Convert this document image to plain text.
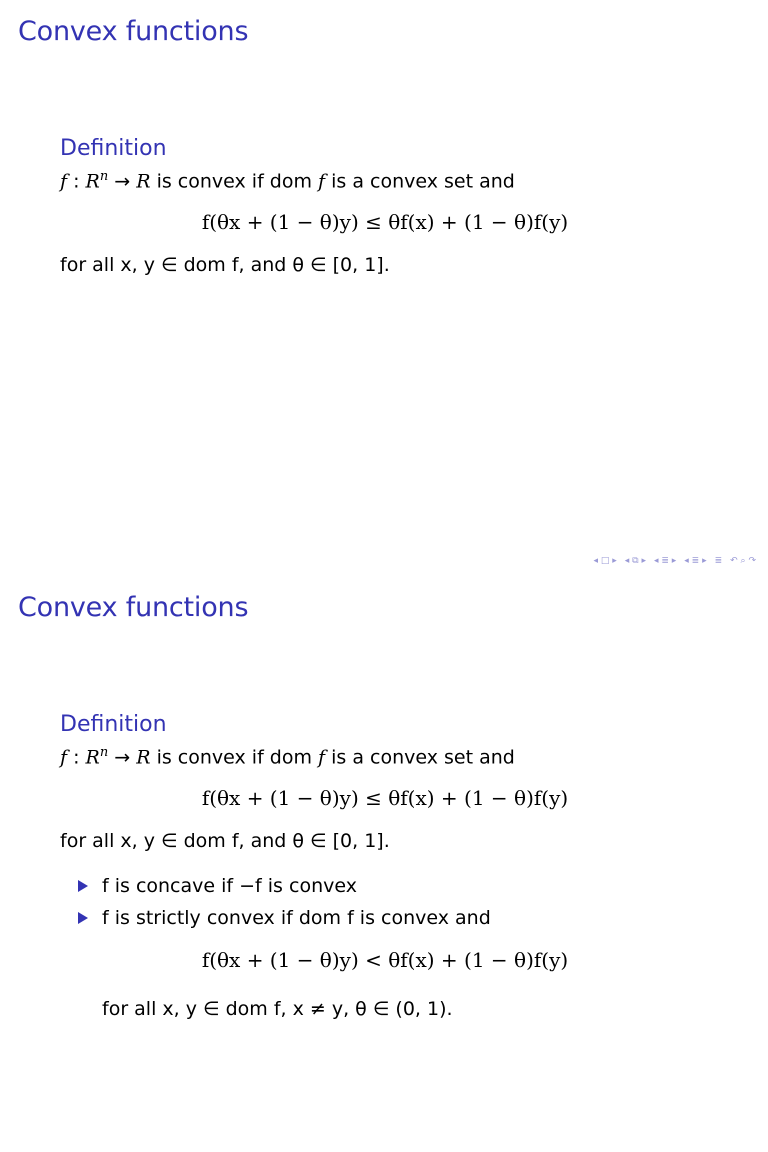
Convex functions
Definition
f : $R^n \to R$ is convex if dom f is a convex set and
f(θx + (1 − θ)y) ≤ θf(x) + (1 − θ)f(y)
for all x, y ∈ dom f, and θ ∈ [0, 1].
◂ □ ▸ ◂ ⧉ ▸ ◂ ≣ ▸ ◂ ≣ ▸ ≣ ↶ ⌕ ↷
Convex functions
Definition
f : $R^n \to R$ is convex if dom f is a convex set and
f(θx + (1 − θ)y) ≤ θf(x) + (1 − θ)f(y)
for all x, y ∈ dom f, and θ ∈ [0, 1].
f is concave if −f is convex
f is strictly convex if dom f is convex and
f(θx + (1 − θ)y) < θf(x) + (1 − θ)f(y)
for all x, y ∈ dom f, x ≠ y, θ ∈ (0, 1).
